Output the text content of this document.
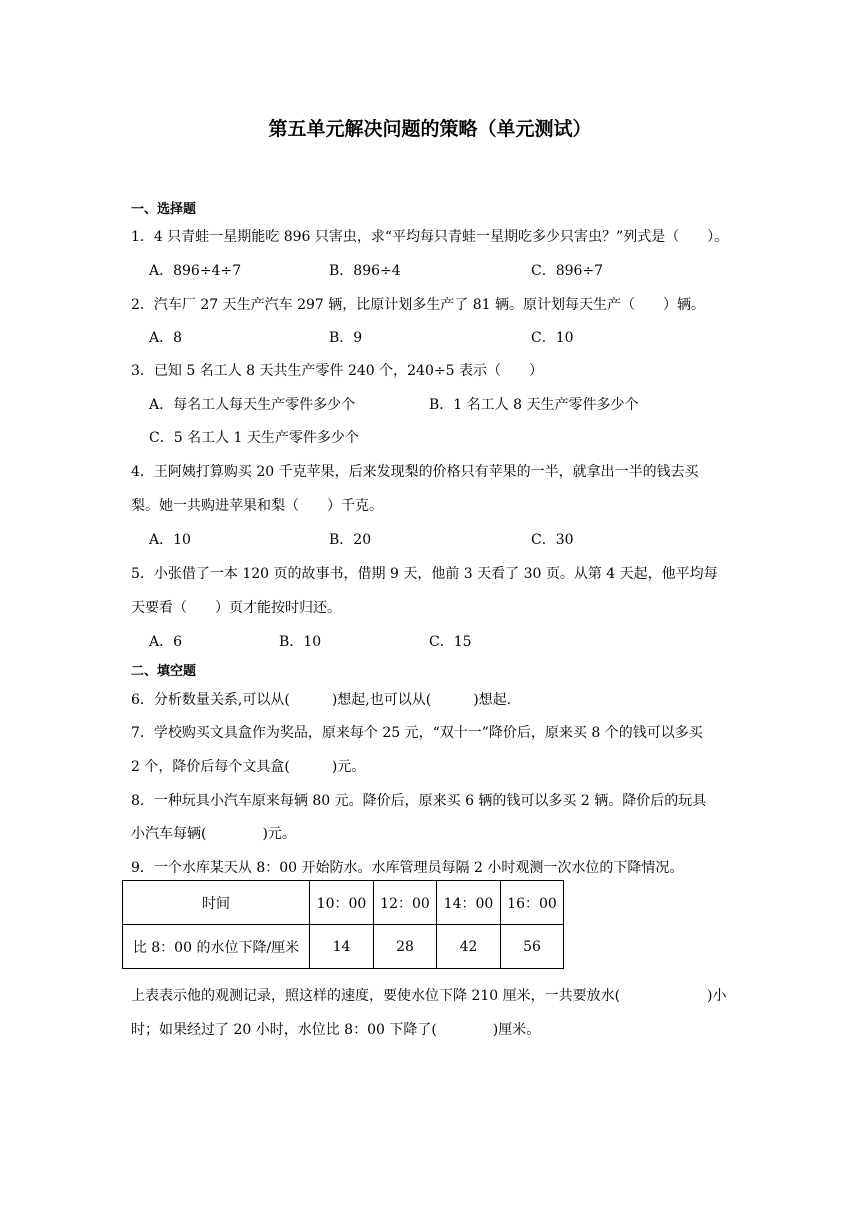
第五单元解决问题的策略（单元测试）
一、选择题
1．4 只青蛙一星期能吃 896 只害虫，求“平均每只青蛙一星期吃多少只害虫？”列式是（　　）。
A．896÷4÷7	B．896÷4	C．896÷7
2．汽车厂 27 天生产汽车 297 辆，比原计划多生产了 81 辆。原计划每天生产（　　）辆。
A．8	B．9	C．10
3．已知 5 名工人 8 天共生产零件 240 个，240÷5 表示（　　）
A．每名工人每天生产零件多少个	B．1 名工人 8 天生产零件多少个
C．5 名工人 1 天生产零件多少个
4．王阿姨打算购买 20 千克苹果，后来发现梨的价格只有苹果的一半，就拿出一半的钱去买
梨。她一共购进苹果和梨（　　）千克。
A．10	B．20	C．30
5．小张借了一本 120 页的故事书，借期 9 天，他前 3 天看了 30 页。从第 4 天起，他平均每
天要看（　　）页才能按时归还。
A．6	B．10	C．15
二、填空题
6．分析数量关系,可以从(　　　)想起,也可以从(　　　)想起.
7．学校购买文具盒作为奖品，原来每个 25 元，“双十一”降价后，原来买 8 个的钱可以多买
2 个，降价后每个文具盒(　　　)元。
8．一种玩具小汽车原来每辆 80 元。降价后，原来买 6 辆的钱可以多买 2 辆。降价后的玩具
小汽车每辆(　　　　)元。
9．一个水库某天从 8：00 开始防水。水库管理员每隔 2 小时观测一次水位的下降情况。
时间	10：00	12：00	14：00	16：00
比 8：00 的水位下降/厘米	14	28	42	56
上表表示他的观测记录，照这样的速度，要使水位下降 210 厘米，一共要放水(	)小
时；如果经过了 20 小时，水位比 8：00 下降了(　　　　)厘米。
